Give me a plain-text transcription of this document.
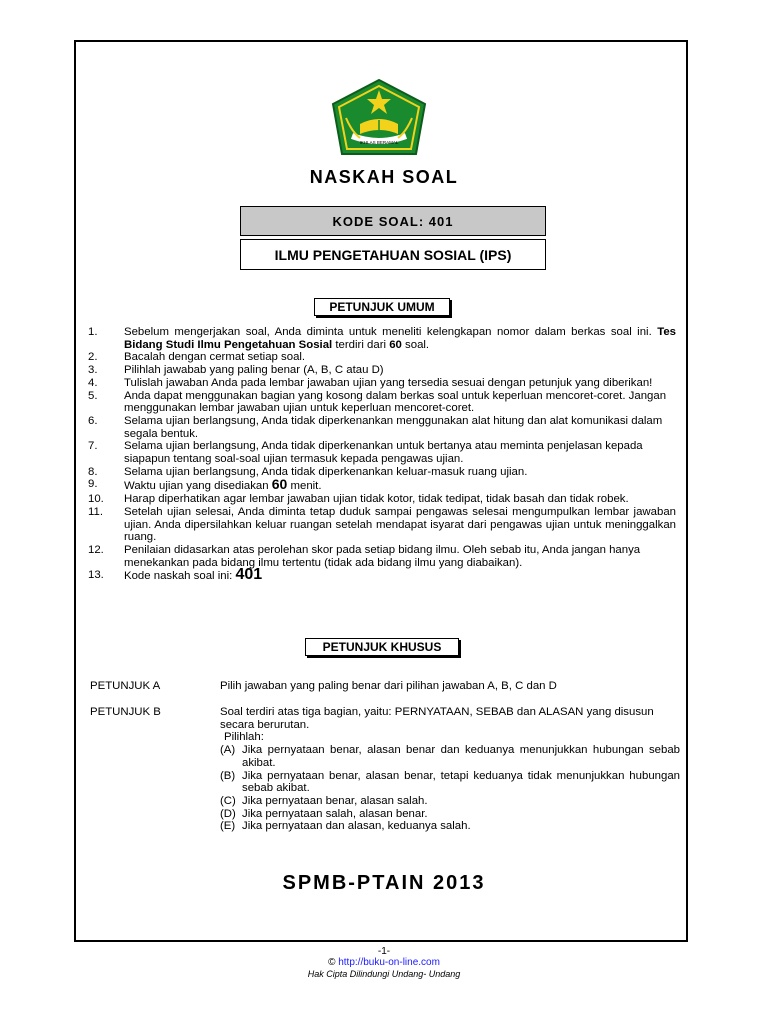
IKHLAS BERAMAL
NASKAH SOAL
KODE SOAL: 401
ILMU PENGETAHUAN SOSIAL (IPS)
PETUNJUK UMUM
1. Sebelum mengerjakan soal, Anda diminta untuk meneliti kelengkapan nomor dalam berkas soal ini. Tes Bidang Studi Ilmu Pengetahuan Sosial terdiri dari 60 soal.
2. Bacalah dengan cermat setiap soal.
3. Pilihlah jawabab yang paling benar (A, B, C atau D)
4. Tulislah jawaban Anda pada lembar jawaban ujian yang tersedia sesuai dengan petunjuk yang diberikan!
5. Anda dapat menggunakan bagian yang kosong dalam berkas soal untuk keperluan mencoret-coret. Jangan menggunakan lembar jawaban ujian untuk keperluan mencoret-coret.
6. Selama ujian berlangsung, Anda tidak diperkenankan menggunakan alat hitung dan alat komunikasi dalam segala bentuk.
7. Selama ujian berlangsung, Anda tidak diperkenankan untuk bertanya atau meminta penjelasan kepada siapapun tentang soal-soal ujian termasuk kepada pengawas ujian.
8. Selama ujian berlangsung, Anda tidak diperkenankan keluar-masuk ruang ujian.
9. Waktu ujian yang disediakan 60 menit.
10. Harap diperhatikan agar lembar jawaban ujian tidak kotor, tidak tedipat, tidak basah dan tidak robek.
11. Setelah ujian selesai, Anda diminta tetap duduk sampai pengawas selesai mengumpulkan lembar jawaban ujian. Anda dipersilahkan keluar ruangan setelah mendapat isyarat dari pengawas ujian untuk meninggalkan ruang.
12. Penilaian didasarkan atas perolehan skor pada setiap bidang ilmu. Oleh sebab itu, Anda jangan hanya menekankan pada bidang ilmu tertentu (tidak ada bidang ilmu yang diabaikan).
13. Kode naskah soal ini: 401
PETUNJUK KHUSUS
PETUNJUK A	Pilih jawaban yang paling benar dari pilihan jawaban A, B, C dan D
PETUNJUK B	Soal terdiri atas tiga bagian, yaitu: PERNYATAAN, SEBAB dan ALASAN yang disusun secara berurutan.
Pilihlah:
(A) Jika pernyataan benar, alasan benar dan keduanya menunjukkan hubungan sebab akibat.
(B) Jika pernyataan benar, alasan benar, tetapi keduanya tidak menunjukkan hubungan sebab akibat.
(C) Jika pernyataan benar, alasan salah.
(D) Jika pernyataan salah, alasan benar.
(E) Jika pernyataan dan alasan, keduanya salah.
SPMB-PTAIN 2013
-1-
© http://buku-on-line.com
Hak Cipta Dilindungi Undang- Undang
